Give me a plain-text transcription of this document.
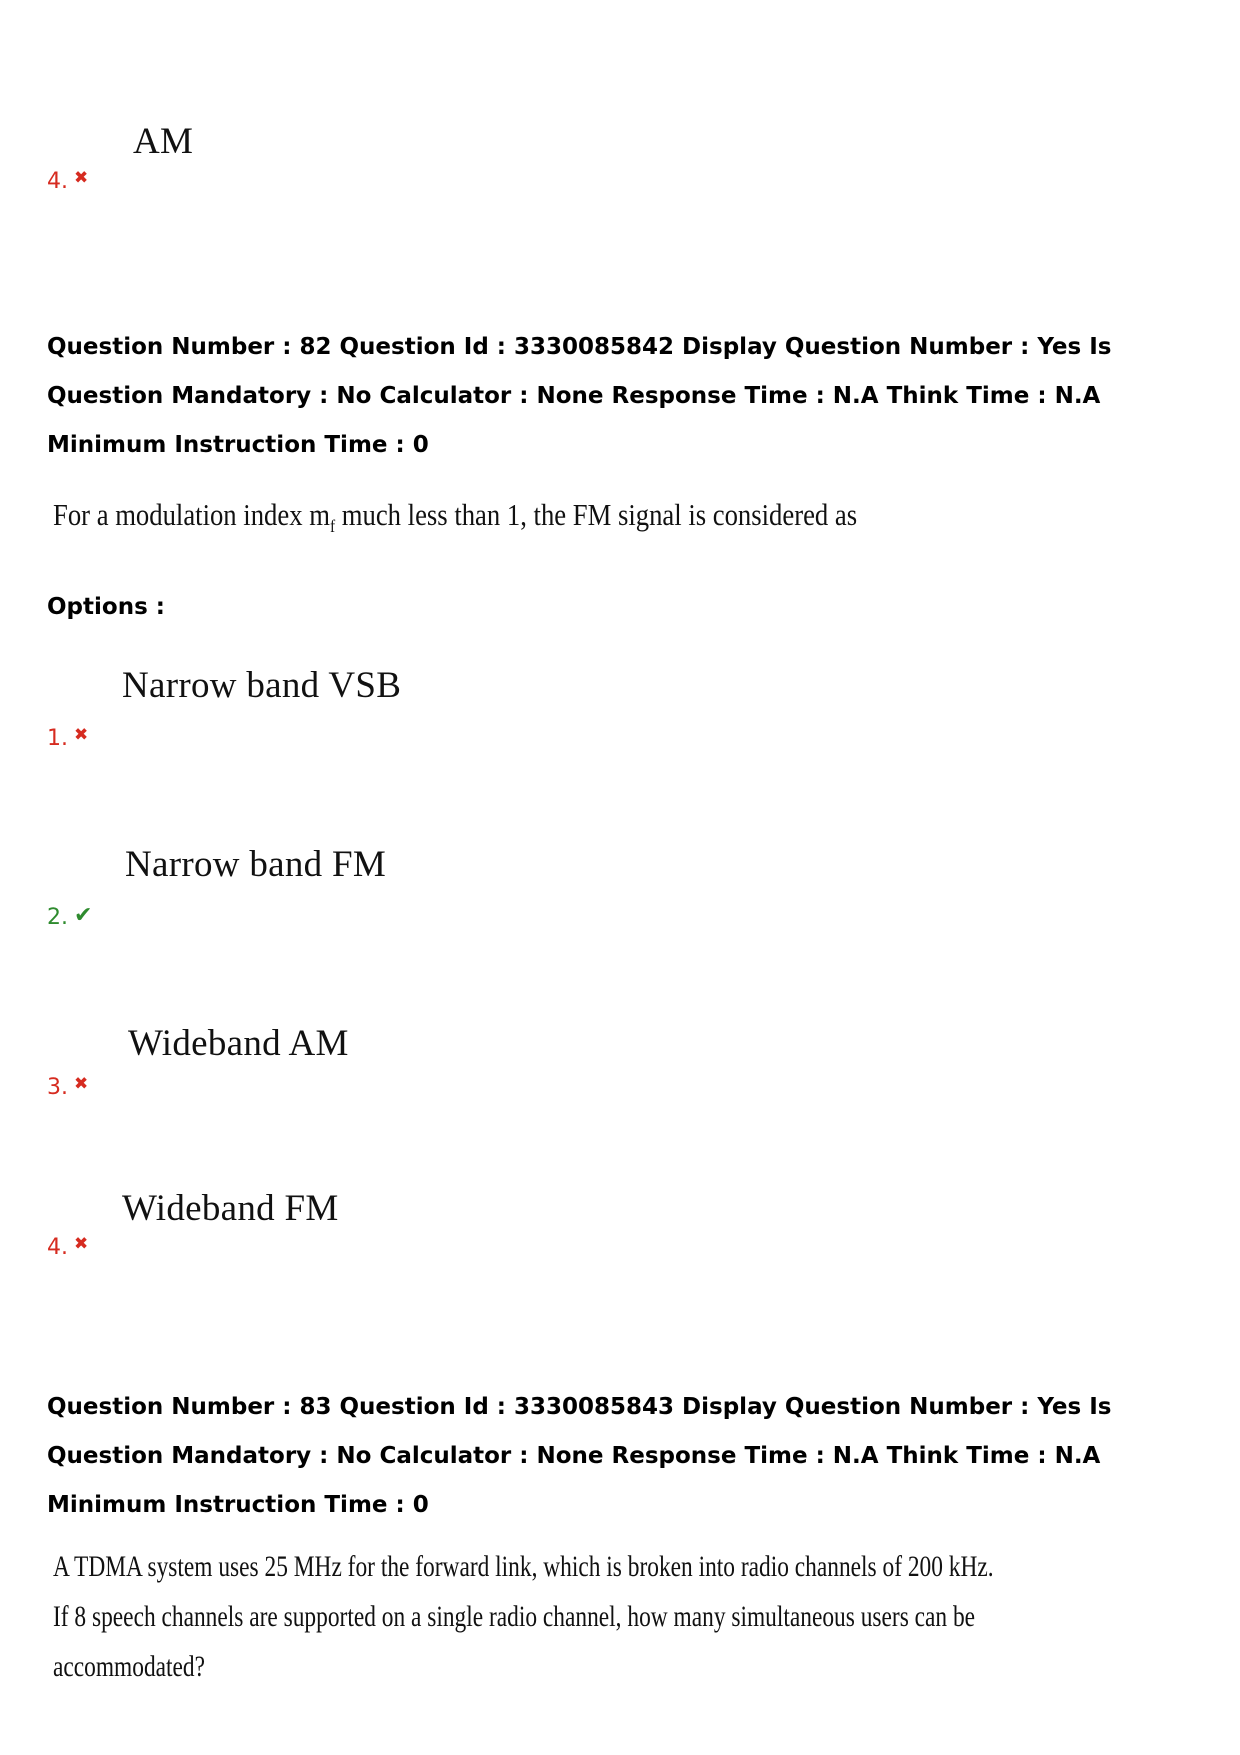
AM
4. ✖
Question Number : 82 Question Id : 3330085842 Display Question Number : Yes Is Question Mandatory : No Calculator : None Response Time : N.A Think Time : N.A Minimum Instruction Time : 0
For a modulation index $m_f$ much less than 1, the FM signal is considered as
Options :
Narrow band VSB
1. ✖
Narrow band FM
2. ✔
Wideband AM
3. ✖
Wideband FM
4. ✖
Question Number : 83 Question Id : 3330085843 Display Question Number : Yes Is Question Mandatory : No Calculator : None Response Time : N.A Think Time : N.A Minimum Instruction Time : 0
A TDMA system uses 25 MHz for the forward link, which is broken into radio channels of 200 kHz.
If 8 speech channels are supported on a single radio channel, how many simultaneous users can be
accommodated?
